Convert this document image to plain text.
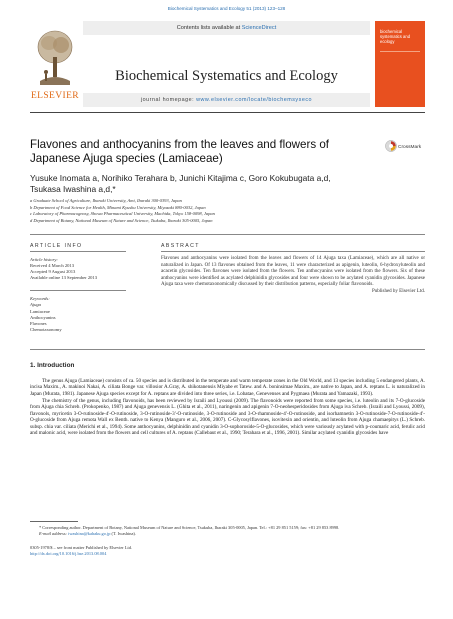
Biochemical Systematics and Ecology 51 (2013) 123–128
ELSEVIER
Contents lists available at ScienceDirect
Biochemical Systematics and Ecology
journal homepage: www.elsevier.com/locate/biochemsyseco
biochemical systematics and ecology
Flavones and anthocyanins from the leaves and flowers of Japanese Ajuga species (Lamiaceae)
CrossMark
Yusuke Inomata a, Norihiko Terahara b, Junichi Kitajima c, Goro Kokubugata a,d,
Tsukasa Iwashina a,d,*
a Graduate School of Agriculture, Ibaraki University, Ami, Ibaraki 300-0393, Japan
b Department of Food Science for Health, Minami Kyushu University, Miyazaki 880-0032, Japan
c Laboratory of Pharmacognosy, Showa Pharmaceutical University, Machida, Tokyo 158-0098, Japan
d Department of Botany, National Museum of Nature and Science, Tsukuba, Ibaraki 305-0005, Japan
ARTICLE INFO	ABSTRACT
Article history:
Received 4 March 2013
Accepted 9 August 2013
Available online 13 September 2013
Keywords:
Ajuga
Lamiaceae
Anthocyanins
Flavones
Chemotaxonomy
Flavones and anthocyanins were isolated from the leaves and flowers of 14 Ajuga taxa (Lamiaceae), which are all native or naturalized in Japan. Of 13 flavones obtained from the leaves, 11 were characterized as apigenin, luteolin, 6-hydroxyluteolin and acacetin glycosides. Ten flavones were isolated from the flowers. Ten anthocyanins were isolated from the flowers. Six of these anthocyanins were identified as acylated delphinidin glycosides and four were shown to be acylated cyanidin glycosides. Japanese Ajuga taxa were chemotaxonomically discussed by their distribution patterns, especially foliar flavonoids.
Published by Elsevier Ltd.
1. Introduction

The genus Ajuga (Lamiaceae) consists of ca. 50 species and is distributed in the temperate and warm temperate zones in the Old World, and 13 species including 5 endangered plants, A. incisa Maxim., A. makinoi Nakai, A. ciliata Bonge var. villosior A.Gray, A. shikotanensis Miyabe et Tatew. and A. boninsimae Maxim., are native to Japan, and A. reptans L. is naturalized in Japan (Murata, 1981). Japanese Ajuga species except for A. reptans are divided into three series, i.e. Lobatae, Genevenses and Pygmaea (Murata and Yamazaki, 1993).

The chemistry of the genus, including flavonoids, has been reviewed by Israili and Lyoussi (2009). The flavonoids were reported from some species, i.e. luteolin and its 7-O-glucoside from Ajuga chia Schreb. (Prokopenko, 1987) and Ajuga genevensis L. (Ghita et al., 2011), naringenin and apigenin 7-O-neohesperidosides from Ajuga iva Schreb. (Israili and Lyoussi, 2009), flavonols, myricetin 3-O-rutinoside-4′-O-rutinoside, 3-O-rutinoside-3′-O-rutinoside, 3-O-rutinoside and 3-O-rhamnoside-4′-O-rutinoside, and isorhamnetin 3-O-rutinoside-7-O-rutinoside-4′-O-glucoside from Ajuga remota Wall ex Benth. native to Kenya (Manguro et al., 2006, 2007). C-Glycosylflavones, isovitexin and orientin, and luteolin from Ajuga chamaepitys (L.) Schreb. subsp. chia var. ciliata (Merichi et al., 1994). Some anthocyanins, delphinidin and cyanidin 3-O-sophoroside-5-O-glucosides, which were variously acylated with p-coumaric acid, ferulic acid and malonic acid, were isolated from the flowers and cell cultures of A. reptans (Callebaut et al., 1990; Terahara et al., 1996, 2001). Similar acylated cyanidin glycosides have

* Corresponding author. Department of Botany, National Museum of Nature and Science, Tsukuba, Ibaraki 305-0005, Japan. Tel.: +81 29 851 5159; fax: +81 29 853 8998.
E-mail address: iwashina@kahaku.go.jp (T. Iwashina).
0305-1978/$ – see front matter Published by Elsevier Ltd.
http://dx.doi.org/10.1016/j.bse.2013.08.004
